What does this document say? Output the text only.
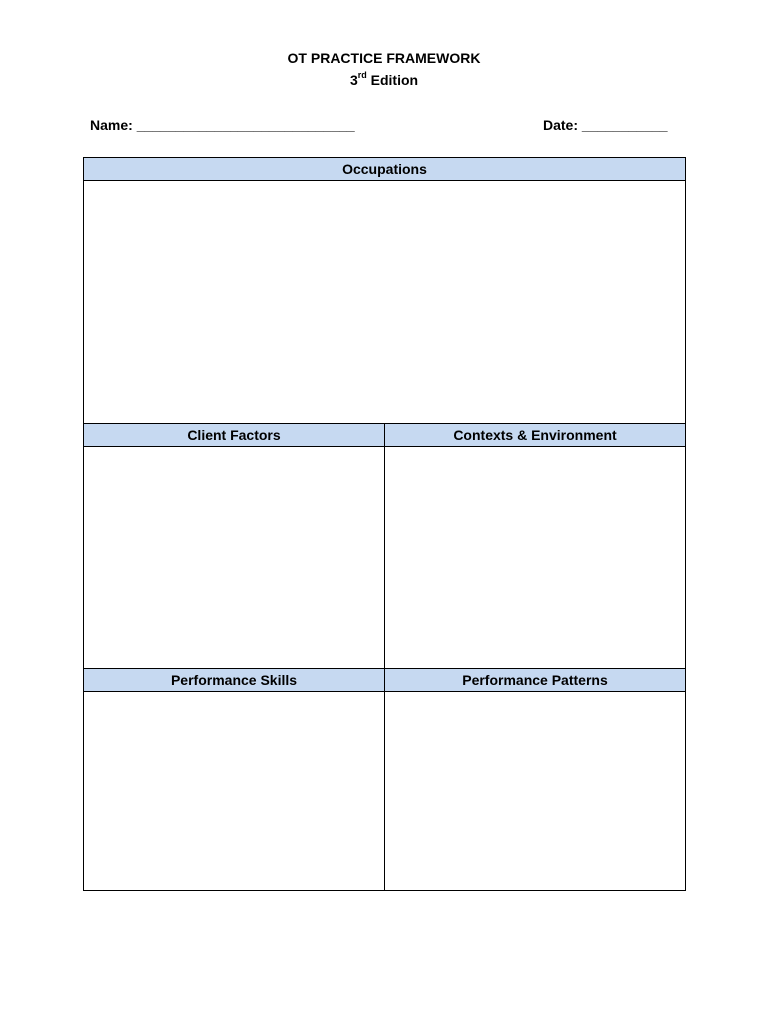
OT PRACTICE FRAMEWORK
3rd Edition
Name: ____________________________	Date: ___________
Occupations
Client Factors	Contexts & Environment
Performance Skills	Performance Patterns
